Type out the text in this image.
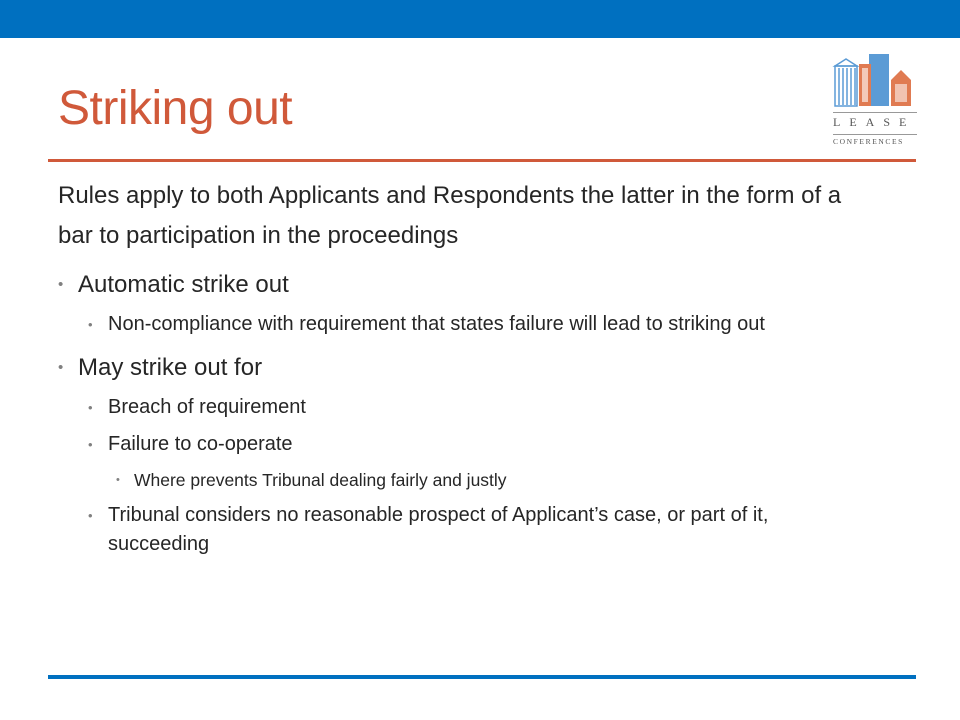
Striking out	LEASE
CONFERENCES

Rules apply to both Applicants and Respondents the latter in the form of a bar to participation in the proceedings

• Automatic strike out
• Non-compliance with requirement that states failure will lead to striking out
• May strike out for
• Breach of requirement
• Failure to co-operate
• Where prevents Tribunal dealing fairly and justly
• Tribunal considers no reasonable prospect of Applicant’s case, or part of it, succeeding
